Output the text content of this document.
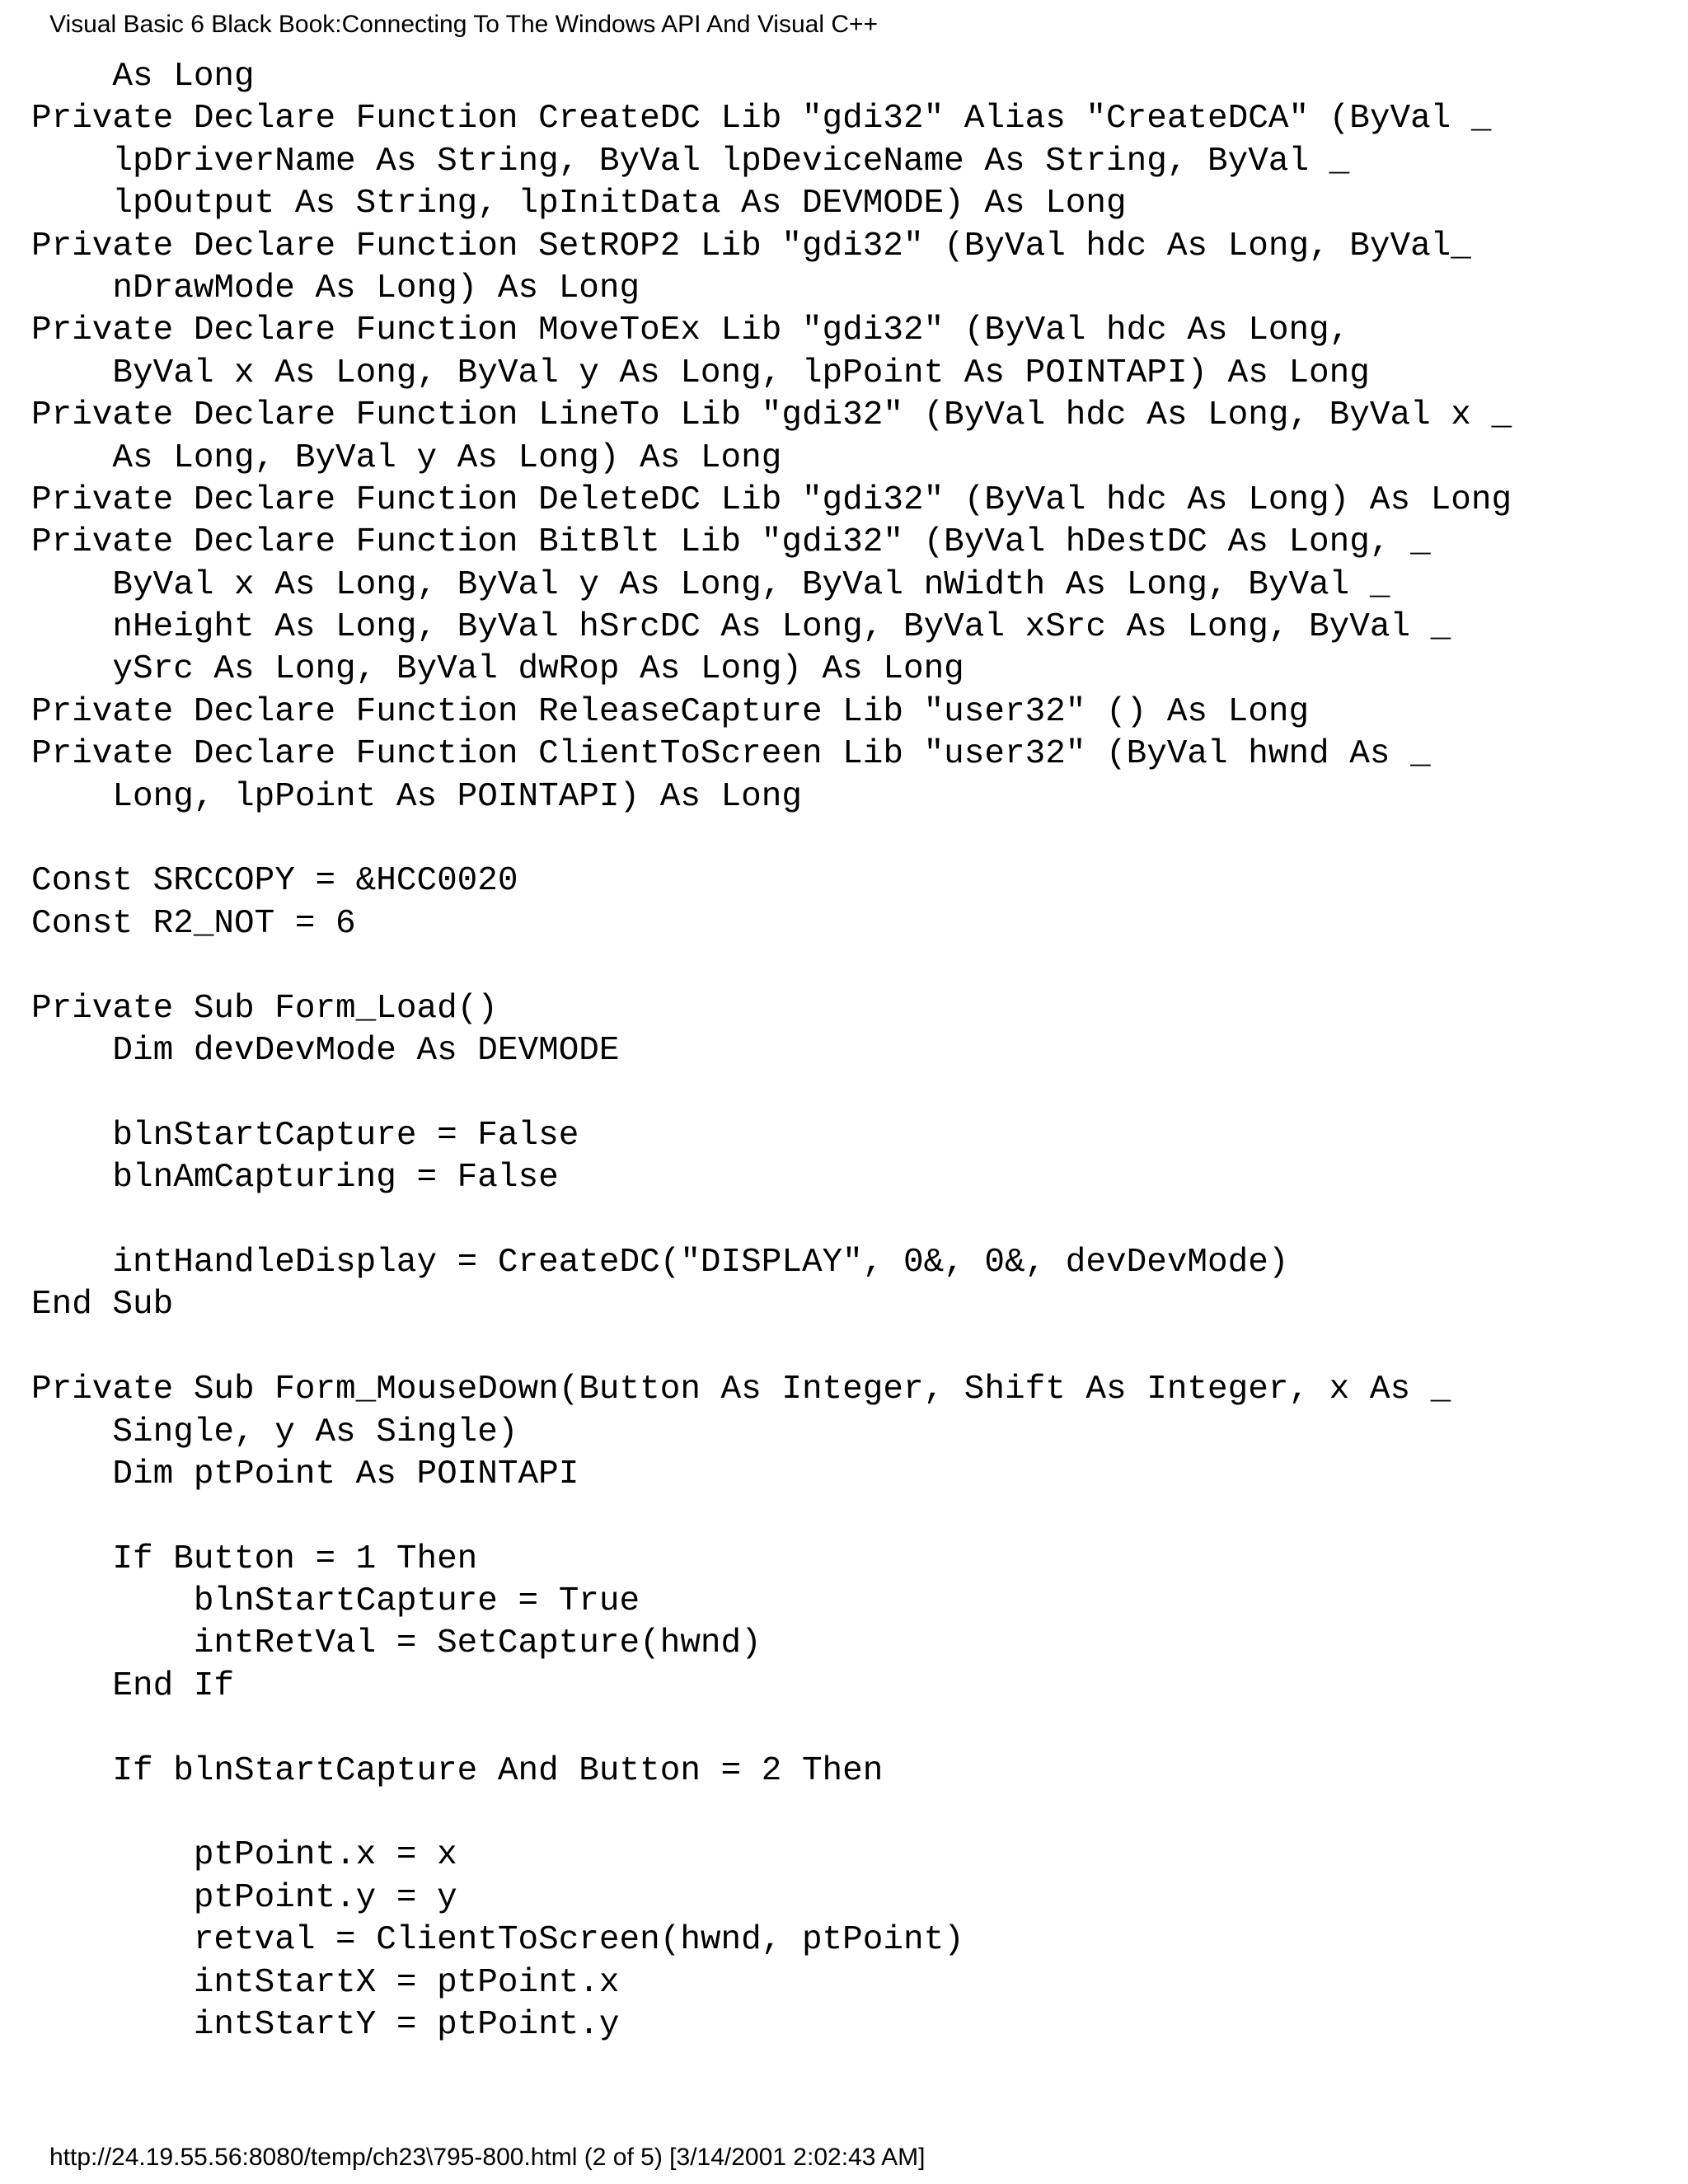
Visual Basic 6 Black Book:Connecting To The Windows API And Visual C++
As Long
Private Declare Function CreateDC Lib "gdi32" Alias "CreateDCA" (ByVal _
lpDriverName As String, ByVal lpDeviceName As String, ByVal _
lpOutput As String, lpInitData As DEVMODE) As Long
Private Declare Function SetROP2 Lib "gdi32" (ByVal hdc As Long, ByVal_
nDrawMode As Long) As Long
Private Declare Function MoveToEx Lib "gdi32" (ByVal hdc As Long,
ByVal x As Long, ByVal y As Long, lpPoint As POINTAPI) As Long
Private Declare Function LineTo Lib "gdi32" (ByVal hdc As Long, ByVal x _
As Long, ByVal y As Long) As Long
Private Declare Function DeleteDC Lib "gdi32" (ByVal hdc As Long) As Long
Private Declare Function BitBlt Lib "gdi32" (ByVal hDestDC As Long, _
ByVal x As Long, ByVal y As Long, ByVal nWidth As Long, ByVal _
nHeight As Long, ByVal hSrcDC As Long, ByVal xSrc As Long, ByVal _
ySrc As Long, ByVal dwRop As Long) As Long
Private Declare Function ReleaseCapture Lib "user32" () As Long
Private Declare Function ClientToScreen Lib "user32" (ByVal hwnd As _
Long, lpPoint As POINTAPI) As Long
Const SRCCOPY = &HCC0020
Const R2_NOT = 6
Private Sub Form_Load()
Dim devDevMode As DEVMODE
blnStartCapture = False
blnAmCapturing = False
intHandleDisplay = CreateDC("DISPLAY", 0&, 0&, devDevMode)
End Sub
Private Sub Form_MouseDown(Button As Integer, Shift As Integer, x As _
Single, y As Single)
Dim ptPoint As POINTAPI
If Button = 1 Then
blnStartCapture = True
intRetVal = SetCapture(hwnd)
End If
If blnStartCapture And Button = 2 Then
ptPoint.x = x
ptPoint.y = y
retval = ClientToScreen(hwnd, ptPoint)
intStartX = ptPoint.x
intStartY = ptPoint.y
http://24.19.55.56:8080/temp/ch23\795-800.html (2 of 5) [3/14/2001 2:02:43 AM]
